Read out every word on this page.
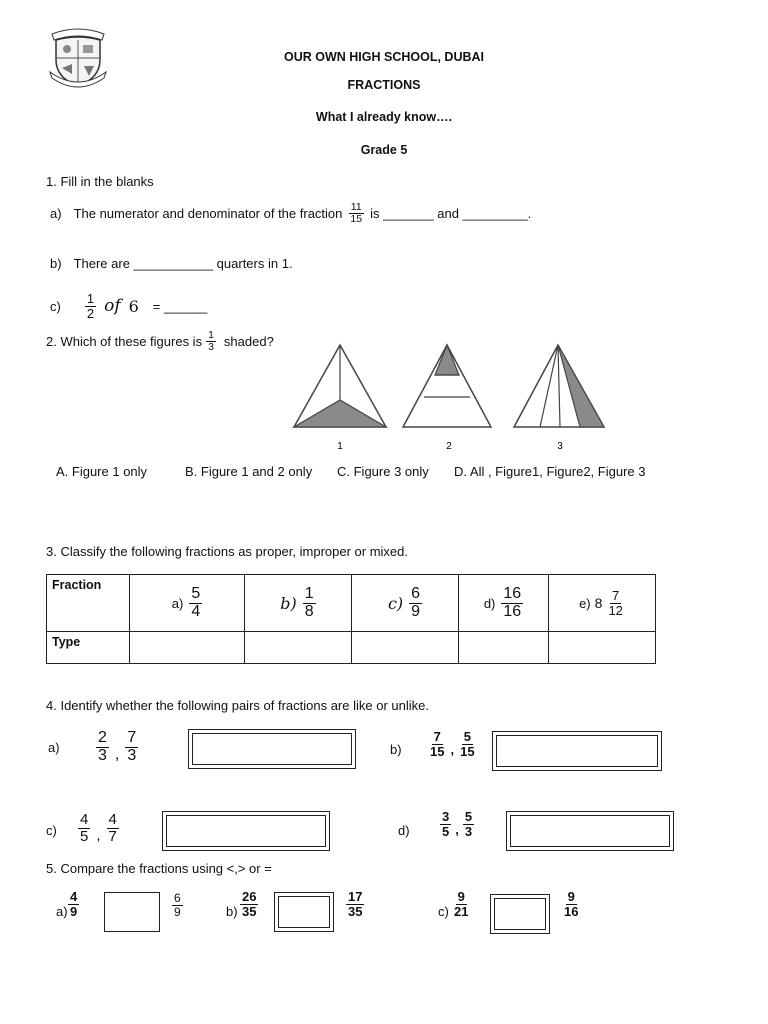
OUR OWN HIGH SCHOOL, DUBAI
FRACTIONS
What I already know….
Grade 5
1. Fill in the blanks
a) The numerator and denominator of the fraction $\frac{11}{15}$ is _______ and _________.
b) There are ___________ quarters in 1.
$c) \frac{1}{2}$ of 6 = ______
2. Which of these figures is $\frac{1}{3}$ shaded?
1	2	3
A. Figure 1 only	B. Figure 1 and 2 only C. Figure 3 only D. All , Figure1, Figure2, Figure 3
3. Classify the following fractions as proper, improper or mixed.
Fraction	$a) \frac{5}{4}$	$b) \frac{1}{8}$	$c) \frac{6}{9}$	$d) \frac{16}{16}$	e) $8 \frac{7}{12}$

Type					
4. Identify whether the following pairs of fractions are like or unlike.
$a) \frac{2}{3}$ , $\frac{7}{3}$	$b) \frac{7}{15}$ , $\frac{5}{15}$
$c) \frac{4}{5}$ , $\frac{4}{7}$	$d) \frac{3}{5}$ , $\frac{5}{3}$
5. Compare the fractions using <,> or =
$a) \frac{4}{9}$	$\frac{6}{9}$	$b) \frac{26}{35}$	$\frac{17}{35}$	$c) \frac{9}{21}$	$\frac{9}{16}$
